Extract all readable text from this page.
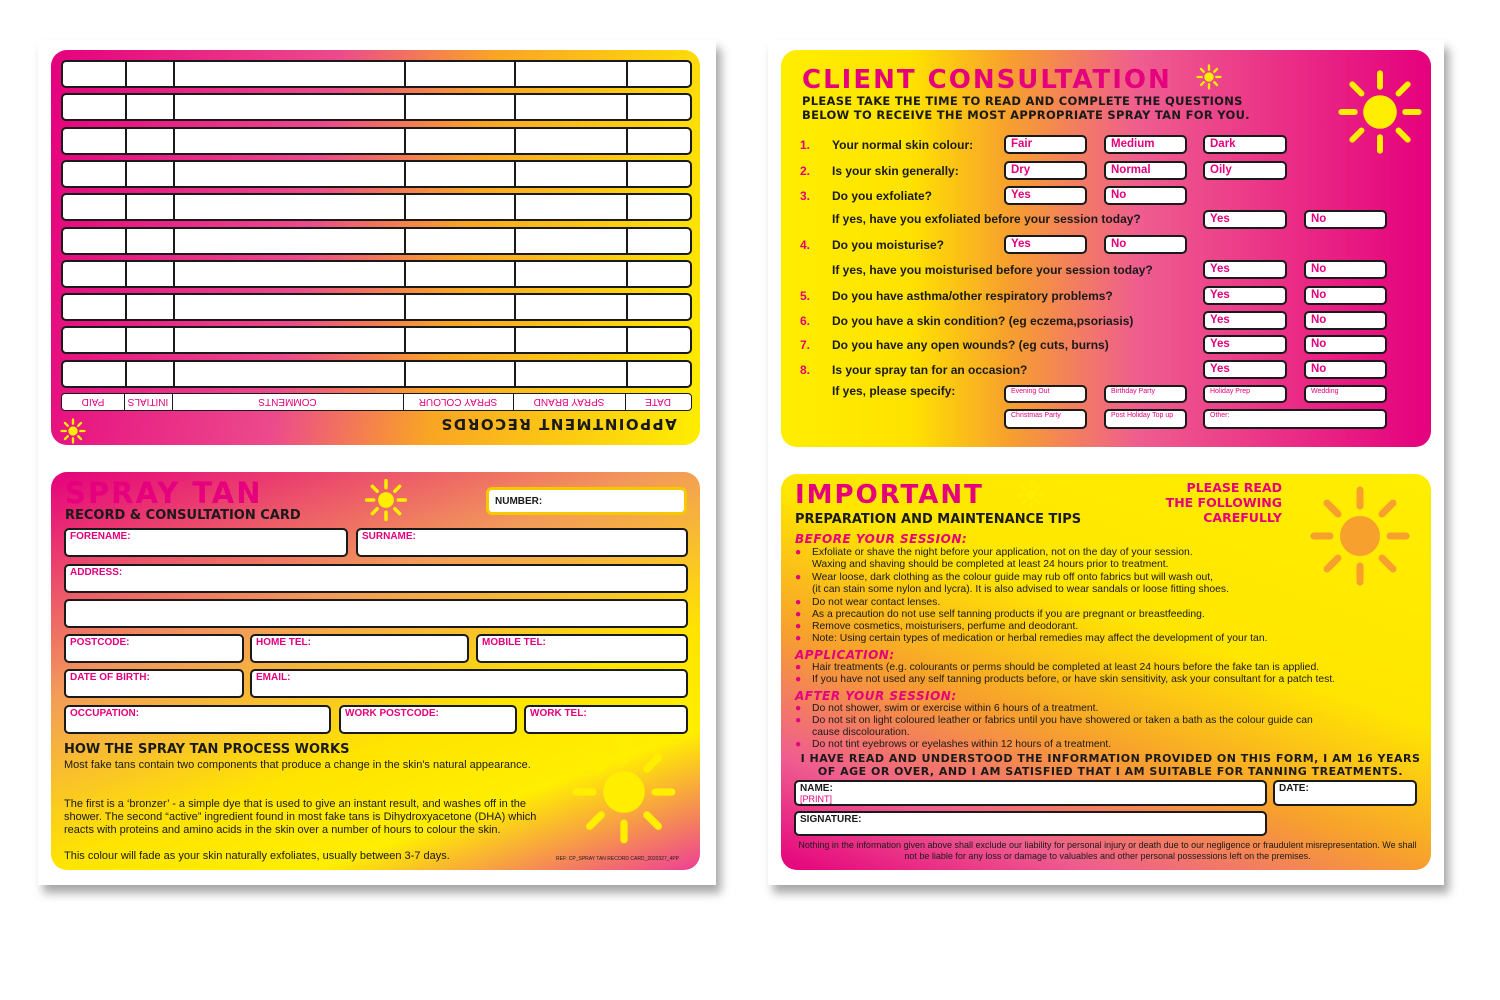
PAID	INITIALS	COMMENTS	SPRAY COLOUR	SPRAY BRAND	DATE
APPOINTMENT RECORDS
SPRAY TAN
RECORD & CONSULTATION CARD
NUMBER:
FORENAME:	SURNAME:
ADDRESS:
POSTCODE:	HOME TEL:	MOBILE TEL:
DATE OF BIRTH:	EMAIL:
OCCUPATION:	WORK POSTCODE:	WORK TEL:
HOW THE SPRAY TAN PROCESS WORKS
Most fake tans contain two components that produce a change in the skin's natural appearance.
The first is a ‘bronzer’ - a simple dye that is used to give an instant result, and washes off in the shower. The second “active” ingredient found in most fake tans is Dihydroxyacetone (DHA) which reacts with proteins and amino acids in the skin over a number of hours to colour the skin.
This colour will fade as your skin naturally exfoliates, usually between 3-7 days.	REF: CP_SPRAY TAN RECORD CARD_2020327_4PP
CLIENT CONSULTATION
PLEASE TAKE THE TIME TO READ AND COMPLETE THE QUESTIONS
BELOW TO RECEIVE THE MOST APPROPRIATE SPRAY TAN FOR YOU.
1. Your normal skin colour:	Fair	Medium	Dark
2. Is your skin generally:	Dry	Normal	Oily
3. Do you exfoliate?	Yes	No
If yes, have you exfoliated before your session today?	Yes	No
4. Do you moisturise?	Yes	No
If yes, have you moisturised before your session today?	Yes	No
5. Do you have asthma/other respiratory problems?	Yes	No
6. Do you have a skin condition? (eg eczema,psoriasis)	Yes	No
7. Do you have any open wounds? (eg cuts, burns)	Yes	No
8. Is your spray tan for an occasion?	Yes	No
If yes, please specify:	Evening Out	Birthday Party	Holiday Prep	Wedding
Christmas Party	Post Holiday Top up	Other:
IMPORTANT
PREPARATION AND MAINTENANCE TIPS
PLEASE READ
THE FOLLOWING
CAREFULLY
BEFORE YOUR SESSION:
●	Exfoliate or shave the night before your application, not on the day of your session.
Waxing and shaving should be completed at least 24 hours prior to treatment.
●	Wear loose, dark clothing as the colour guide may rub off onto fabrics but will wash out,
(it can stain some nylon and lycra). It is also advised to wear sandals or loose fitting shoes.
●	Do not wear contact lenses.
●	As a precaution do not use self tanning products if you are pregnant or breastfeeding.
●	Remove cosmetics, moisturisers, perfume and deodorant.
●	Note: Using certain types of medication or herbal remedies may affect the development of your tan.
APPLICATION:
●	Hair treatments (e.g. colourants or perms should be completed at least 24 hours before the fake tan is applied.
●	If you have not used any self tanning products before, or have skin sensitivity, ask your consultant for a patch test.
AFTER YOUR SESSION:
●	Do not shower, swim or exercise within 6 hours of a treatment.
●	Do not sit on light coloured leather or fabrics until you have showered or taken a bath as the colour guide can
cause discolouration.
●	Do not tint eyebrows or eyelashes within 12 hours of a treatment.
I HAVE READ AND UNDERSTOOD THE INFORMATION PROVIDED ON THIS FORM, I AM 16 YEARS
OF AGE OR OVER, AND I AM SATISFIED THAT I AM SUITABLE FOR TANNING TREATMENTS.
NAME:
[PRINT]
DATE:
SIGNATURE:
Nothing in the information given above shall exclude our liability for personal injury or death due to our negligence or fraudulent misrepresentation. We shall not be liable for any loss or damage to valuables and other personal possessions left on the premises.
